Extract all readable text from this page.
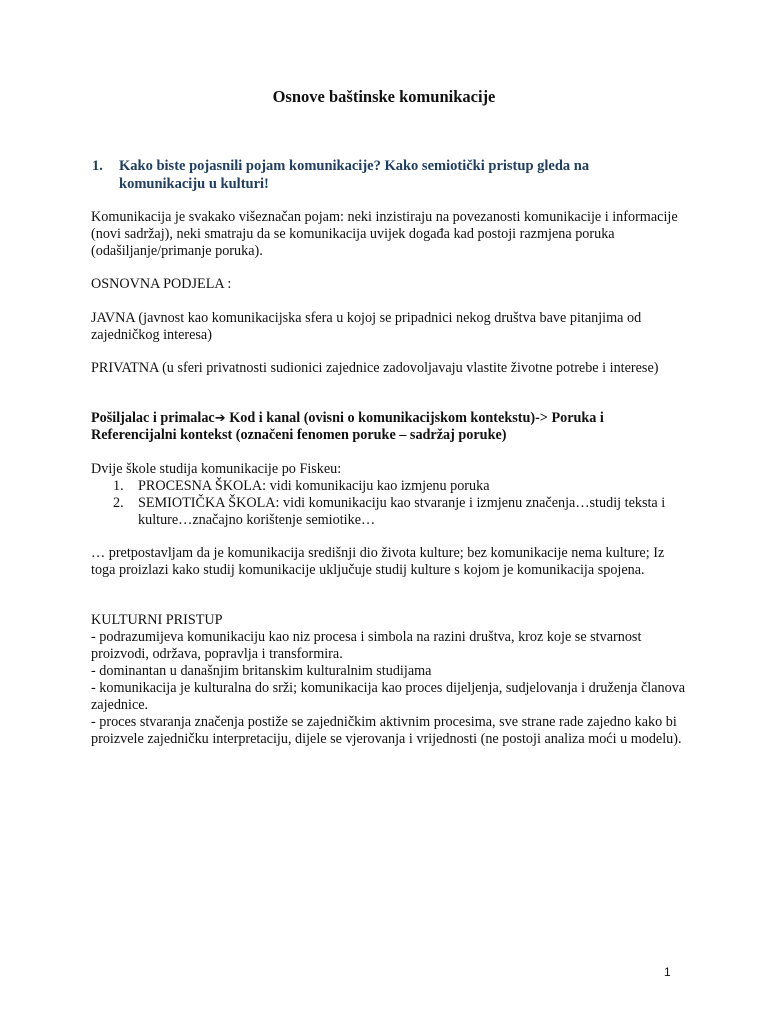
Osnove baštinske komunikacije
1. Kako biste pojasnili pojam komunikacije? Kako semiotički pristup gleda na komunikaciju u kulturi!
Komunikacija je svakako višeznačan pojam: neki inzistiraju na povezanosti komunikacije i informacije (novi sadržaj), neki smatraju da se komunikacija uvijek događa kad postoji razmjena poruka (odašiljanje/primanje poruka).
OSNOVNA PODJELA :
JAVNA (javnost kao komunikacijska sfera u kojoj se pripadnici nekog društva bave pitanjima od zajedničkog interesa)
PRIVATNA (u sferi privatnosti sudionici zajednice zadovoljavaju vlastite životne potrebe i interese)
Pošiljalac i primalac➔ Kod i kanal (ovisni o komunikacijskom kontekstu)-> Poruka i Referencijalni kontekst (označeni fenomen poruke – sadržaj poruke)
Dvije škole studija komunikacije po Fiskeu:
1. PROCESNA ŠKOLA: vidi komunikaciju kao izmjenu poruka
2. SEMIOTIČKA ŠKOLA: vidi komunikaciju kao stvaranje i izmjenu značenja…studij teksta i kulture…značajno korištenje semiotike…
… pretpostavljam da je komunikacija središnji dio života kulture; bez komunikacije nema kulture; Iz toga proizlazi kako studij komunikacije uključuje studij kulture s kojom je komunikacija spojena.
KULTURNI PRISTUP
- podrazumijeva komunikaciju kao niz procesa i simbola na razini društva, kroz koje se stvarnost proizvodi, održava, popravlja i transformira.
- dominantan u današnjim britanskim kulturalnim studijama
- komunikacija je kulturalna do srži; komunikacija kao proces dijeljenja, sudjelovanja i druženja članova zajednice.
- proces stvaranja značenja postiže se zajedničkim aktivnim procesima, sve strane rade zajedno kako bi proizvele zajedničku interpretaciju, dijele se vjerovanja i vrijednosti (ne postoji analiza moći u modelu).
1
